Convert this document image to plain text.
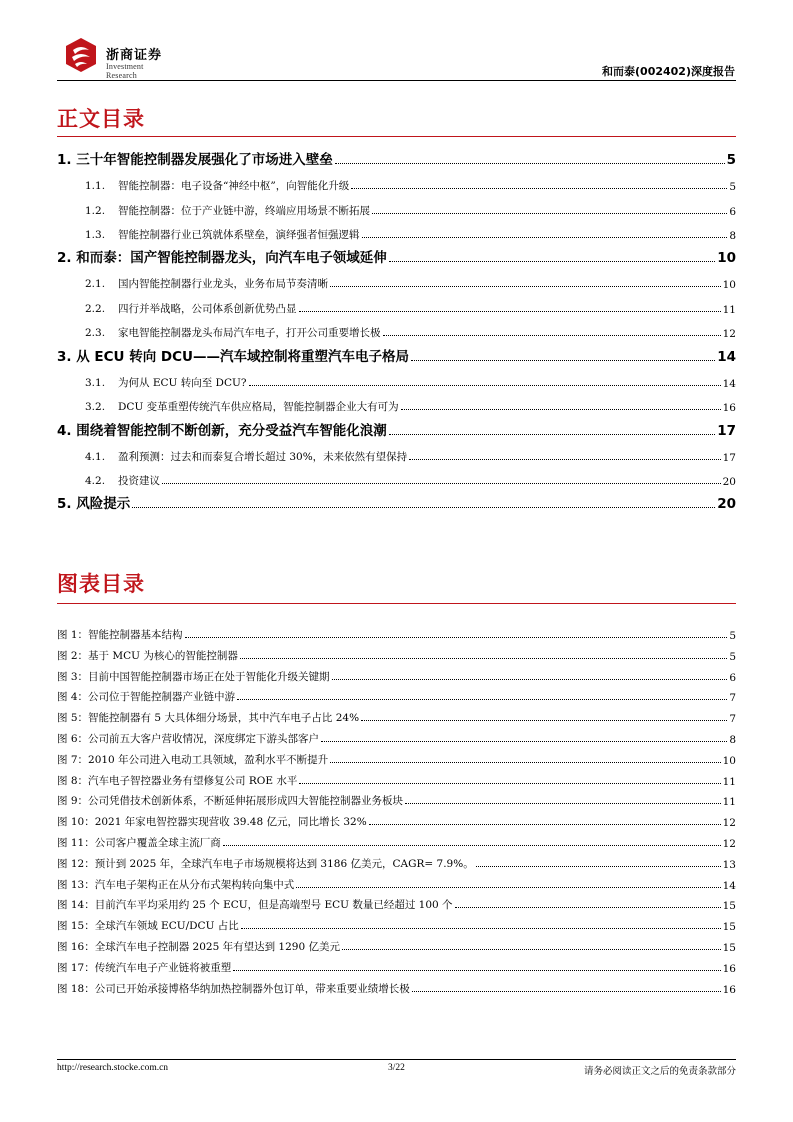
浙商证券
Investment Research	和而泰(002402)深度报告
正文目录
1. 三十年智能控制器发展强化了市场进入壁垒	5
1.1. 智能控制器：电子设备“神经中枢”，向智能化升级	5
1.2. 智能控制器：位于产业链中游，终端应用场景不断拓展	6
1.3. 智能控制器行业已筑就体系壁垒，演绎强者恒强逻辑	8
2. 和而泰：国产智能控制器龙头，向汽车电子领域延伸	10
2.1. 国内智能控制器行业龙头，业务布局节奏清晰	10
2.2. 四行并举战略，公司体系创新优势凸显	11
2.3. 家电智能控制器龙头布局汽车电子，打开公司重要增长极	12
3. 从 ECU 转向 DCU——汽车域控制将重塑汽车电子格局	14
3.1. 为何从 ECU 转向至 DCU?	14
3.2. DCU 变革重塑传统汽车供应格局，智能控制器企业大有可为	16
4. 围绕着智能控制不断创新，充分受益汽车智能化浪潮	17
4.1. 盈利预测：过去和而泰复合增长超过 30%，未来依然有望保持	17
4.2. 投资建议	20
5. 风险提示	20
图表目录
图 1：智能控制器基本结构	5
图 2：基于 MCU 为核心的智能控制器	5
图 3：目前中国智能控制器市场正在处于智能化升级关键期	6
图 4：公司位于智能控制器产业链中游	7
图 5：智能控制器有 5 大具体细分场景，其中汽车电子占比 24%	7
图 6：公司前五大客户营收情况，深度绑定下游头部客户	8
图 7：2010 年公司进入电动工具领域，盈利水平不断提升	10
图 8：汽车电子智控器业务有望修复公司 ROE 水平	11
图 9：公司凭借技术创新体系，不断延伸拓展形成四大智能控制器业务板块	11
图 10：2021 年家电智控器实现营收 39.48 亿元，同比增长 32%	12
图 11：公司客户覆盖全球主流厂商	12
图 12：预计到 2025 年，全球汽车电子市场规模将达到 3186 亿美元，CAGR= 7.9%。	13
图 13：汽车电子架构正在从分布式架构转向集中式	14
图 14：目前汽车平均采用约 25 个 ECU，但是高端型号 ECU 数量已经超过 100 个	15
图 15：全球汽车领域 ECU/DCU 占比	15
图 16：全球汽车电子控制器 2025 年有望达到 1290 亿美元	15
图 17：传统汽车电子产业链将被重塑	16
图 18：公司已开始承接博格华纳加热控制器外包订单，带来重要业绩增长极	16
http://research.stocke.com.cn	3/22	请务必阅读正文之后的免责条款部分
